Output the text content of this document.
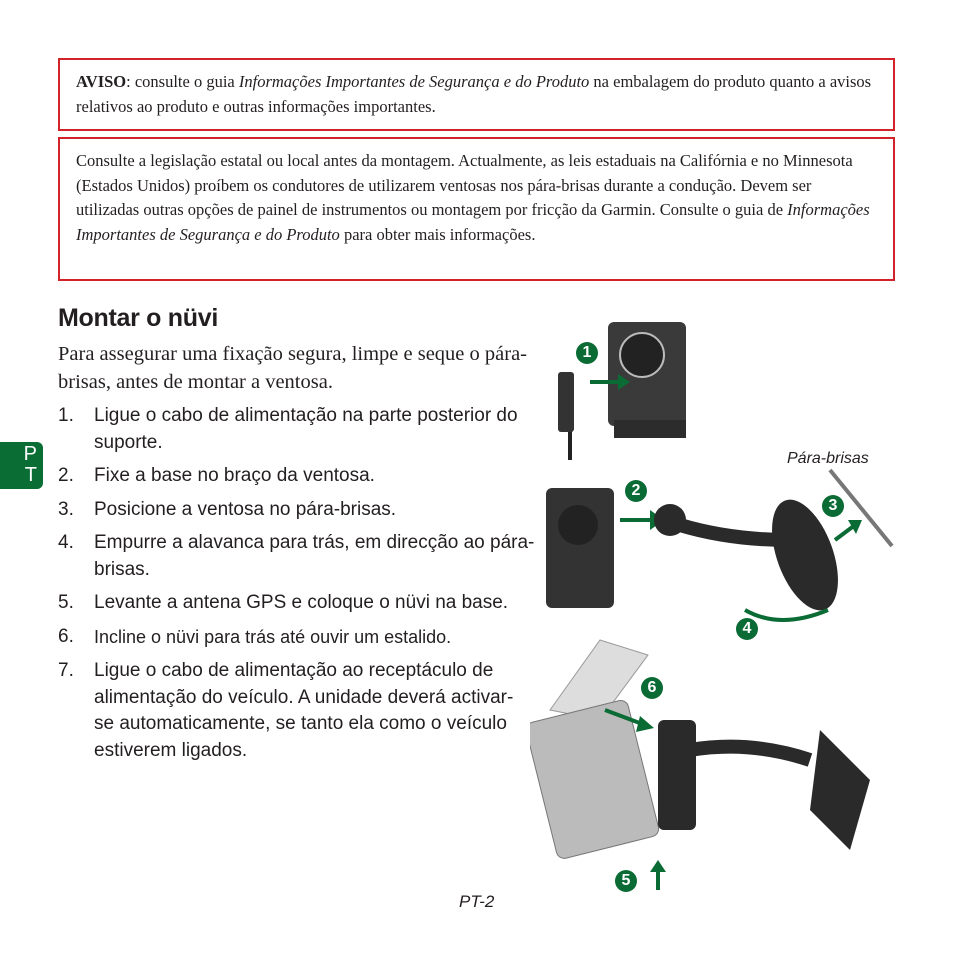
AVISO: consulte o guia Informações Importantes de Segurança e do Produto na embalagem do produto quanto a avisos relativos ao produto e outras informações importantes.
Consulte a legislação estatal ou local antes da montagem. Actualmente, as leis estaduais na Califórnia e no Minnesota (Estados Unidos) proíbem os condutores de utilizarem ventosas nos pára-brisas durante a condução. Devem ser utilizadas outras opções de painel de instrumentos ou montagem por fricção da Garmin. Consulte o guia de Informações Importantes de Segurança e do Produto para obter mais informações.
Montar o nüvi

Para assegurar uma fixação segura, limpe e seque o pára-brisas, antes de montar a ventosa.

1. Ligue o cabo de alimentação na parte posterior do suporte.
2. Fixe a base no braço da ventosa.
3. Posicione a ventosa no pára-brisas.
4. Empurre a alavanca para trás, em direcção ao pára-brisas.
5. Levante a antena GPS e coloque o nüvi na base.
6. Incline o nüvi para trás até ouvir um estalido.
7. Ligue o cabo de alimentação ao receptáculo de alimentação do veículo. A unidade deverá activar-se automaticamente, se tanto ela como o veículo estiverem ligados.
P
T
1
2
3
4
5
6
Pára-brisas
PT-2
